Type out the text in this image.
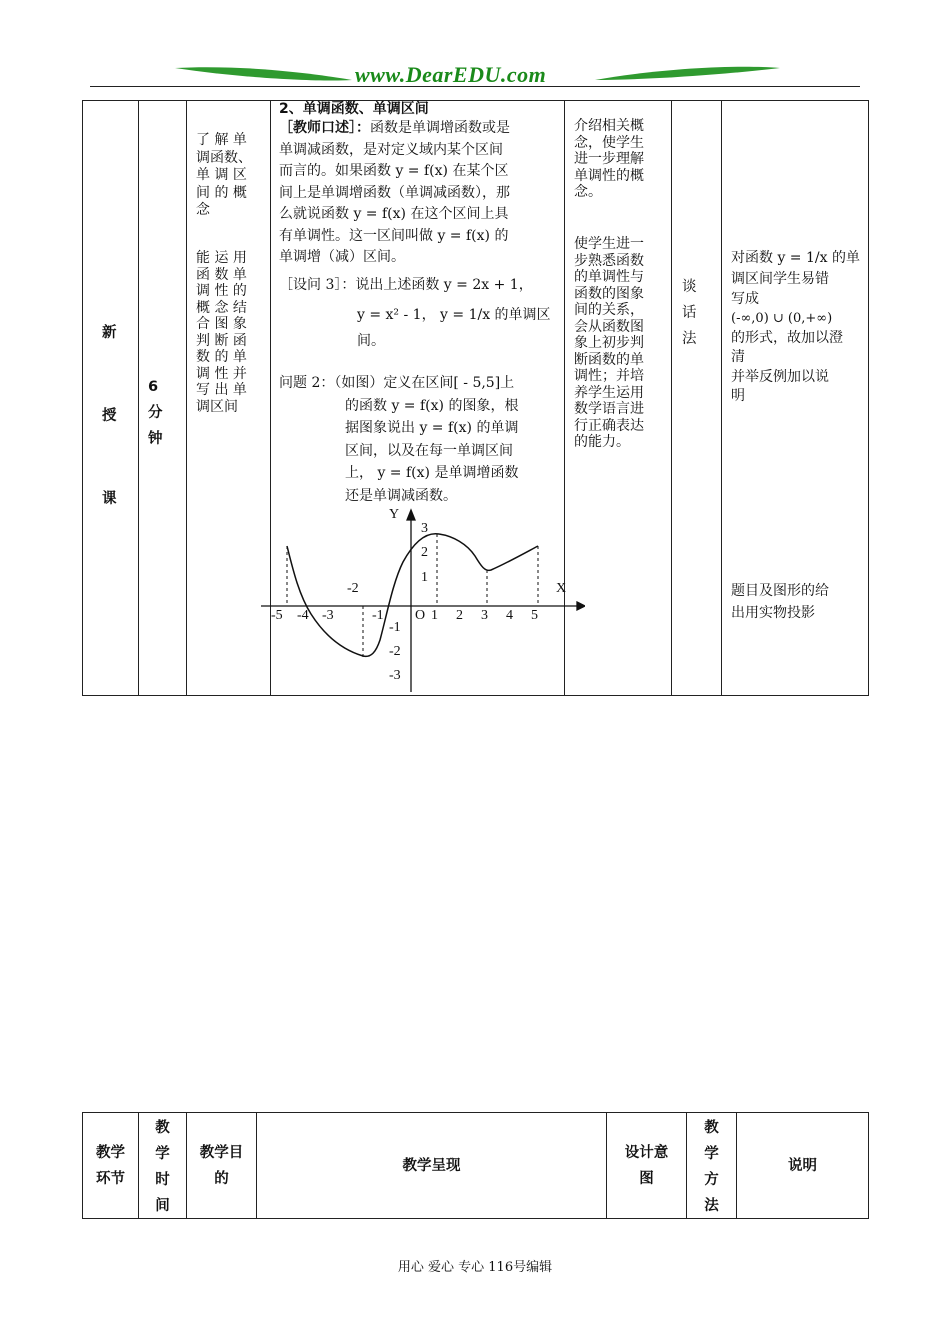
www.DearEDU.com
新
授
课
6
分
钟
了 解 单
调函数、
单 调 区
间 的 概
念
能 运 用
函 数 单
调 性 的
概 念 结
合 图 象
判 断 函
数 的 单
调 性 并
写 出 单
调区间
2、单调函数、单调区间
［教师口述］：函数是单调增函数或是
单调减函数，是对定义域内某个区间
而言的。如果函数 y = f(x) 在某个区
间上是单调增函数（单调减函数），那
么就说函数 y = f(x) 在这个区间上具
有单调性。这一区间叫做 y = f(x) 的
单调增（减）区间。
［设问 3］：说出上述函数 y = 2x + 1，
y = x² - 1， y = 1/x 的单调区
间。
问题 2：（如图）定义在区间[ - 5,5]上
的函数 y = f(x) 的图象，根
据图象说出 y = f(x) 的单调
区间，以及在每一单调区间
上， y = f(x) 是单调增函数
还是单调减函数。
Y
X
O
-5 -4 -3
-2
-1	1 2 3 4 5
3
2
1
-1
-2
-3
介绍相关概
念，使学生
进一步理解
单调性的概
念。
使学生进一
步熟悉函数
的单调性与
函数的图象
间的关系，
会从函数图
象上初步判
断函数的单
调性；并培
养学生运用
数学语言进
行正确表达
的能力。
谈
话
法
对函数 y = 1/x 的单
调区间学生易错
写成
(-∞,0) ∪ (0,+∞)
的形式，故加以澄
清
并举反例加以说
明
题目及图形的给
出用实物投影
教学
环节
教
学
时
间
教学目
的
教学呈现
设计意
图
教
学
方
法
说明
用心 爱心 专心 116号编辑
